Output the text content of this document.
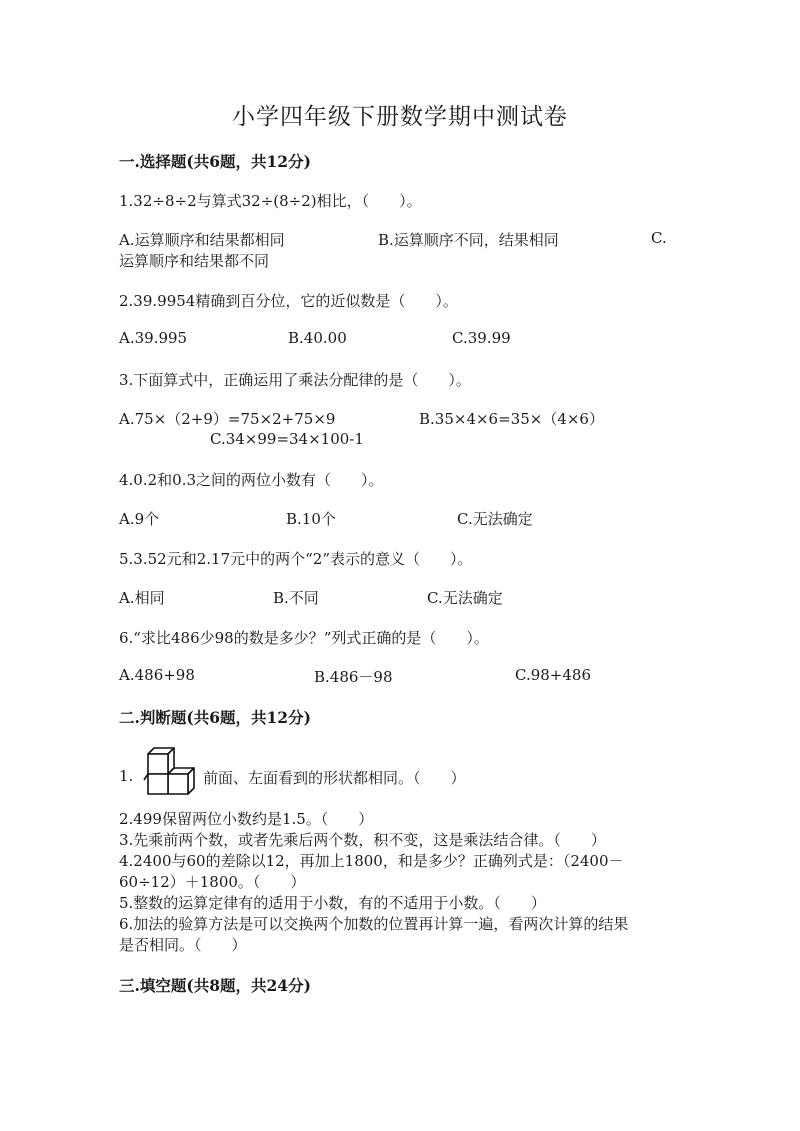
小学四年级下册数学期中测试卷
一.选择题(共6题，共12分)
1.32÷8÷2与算式32÷(8÷2)相比，（　　）。
A.运算顺序和结果都相同	B.运算顺序不同，结果相同	C.
运算顺序和结果都不同
2.39.9954精确到百分位，它的近似数是（　　）。
A.39.995	B.40.00	C.39.99
3.下面算式中，正确运用了乘法分配律的是（　　）。
A.75×（2+9）=75×2+75×9	B.35×4×6=35×（4×6）
C.34×99=34×100-1
4.0.2和0.3之间的两位小数有（　　）。
A.9个	B.10个	C.无法确定
5.3.52元和2.17元中的两个“2”表示的意义（　　）。
A.相同	B.不同	C.无法确定
6.“求比486少98的数是多少？”列式正确的是（　　）。
A.486+98	B.486－98	C.98+486
二.判断题(共6题，共12分)
1.	前面、左面看到的形状都相同。（　　）
2.499保留两位小数约是1.5。（　　）
3.先乘前两个数，或者先乘后两个数，积不变，这是乘法结合律。（　　）
4.2400与60的差除以12，再加上1800，和是多少？正确列式是：（2400－
60÷12）＋1800。（　　）
5.整数的运算定律有的适用于小数，有的不适用于小数。（　　）
6.加法的验算方法是可以交换两个加数的位置再计算一遍，看两次计算的结果
是否相同。（　　）
三.填空题(共8题，共24分)
